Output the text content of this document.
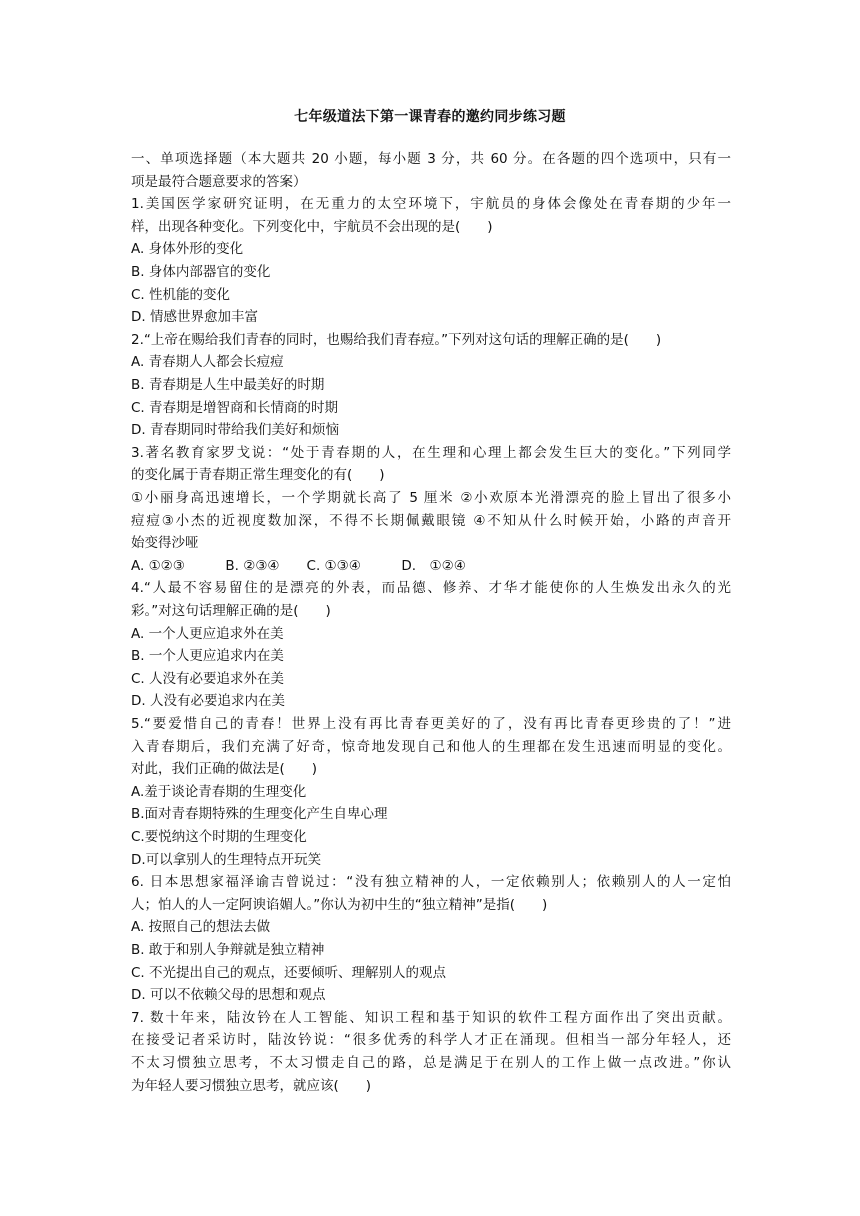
七年级道法下第一课青春的邀约同步练习题
一、单项选择题（本大题共 20 小题，每小题 3 分，共 60 分。在各题的四个选项中，只有一
项是最符合题意要求的答案）
1.美国医学家研究证明，在无重力的太空环境下，宇航员的身体会像处在青春期的少年一
样，出现各种变化。下列变化中，宇航员不会出现的是(　　)
A. 身体外形的变化
B. 身体内部器官的变化
C. 性机能的变化
D. 情感世界愈加丰富
2.“上帝在赐给我们青春的同时，也赐给我们青春痘。”下列对这句话的理解正确的是(　　)
A. 青春期人人都会长痘痘
B. 青春期是人生中最美好的时期
C. 青春期是增智商和长情商的时期
D. 青春期同时带给我们美好和烦恼
3.著名教育家罗戈说：“处于青春期的人，在生理和心理上都会发生巨大的变化。”下列同学
的变化属于青春期正常生理变化的有(　　)
①小丽身高迅速增长，一个学期就长高了 5 厘米 ②小欢原本光滑漂亮的脸上冒出了很多小
痘痘③小杰的近视度数加深，不得不长期佩戴眼镜 ④不知从什么时候开始，小路的声音开
始变得沙哑
A. ①②③　　　B. ②③④　　C. ①③④　　　D.　①②④
4.“人最不容易留住的是漂亮的外表，而品德、修养、才华才能使你的人生焕发出永久的光
彩。”对这句话理解正确的是(　　)
A. 一个人更应追求外在美
B. 一个人更应追求内在美
C. 人没有必要追求外在美
D. 人没有必要追求内在美
5.“要爱惜自己的青春！世界上没有再比青春更美好的了，没有再比青春更珍贵的了！”进
入青春期后，我们充满了好奇，惊奇地发现自己和他人的生理都在发生迅速而明显的变化。
对此，我们正确的做法是(　　)
A.羞于谈论青春期的生理变化
B.面对青春期特殊的生理变化产生自卑心理
C.要悦纳这个时期的生理变化
D.可以拿别人的生理特点开玩笑
6. 日本思想家福泽谕吉曾说过：“没有独立精神的人，一定依赖别人；依赖别人的人一定怕
人；怕人的人一定阿谀谄媚人。”你认为初中生的“独立精神”是指(　　)
A. 按照自己的想法去做
B. 敢于和别人争辩就是独立精神
C. 不光提出自己的观点，还要倾听、理解别人的观点
D. 可以不依赖父母的思想和观点
7. 数十年来，陆汝钤在人工智能、知识工程和基于知识的软件工程方面作出了突出贡献。
在接受记者采访时，陆汝钤说：“很多优秀的科学人才正在涌现。但相当一部分年轻人，还
不太习惯独立思考，不太习惯走自己的路，总是满足于在别人的工作上做一点改进。”你认
为年轻人要习惯独立思考，就应该(　　)
